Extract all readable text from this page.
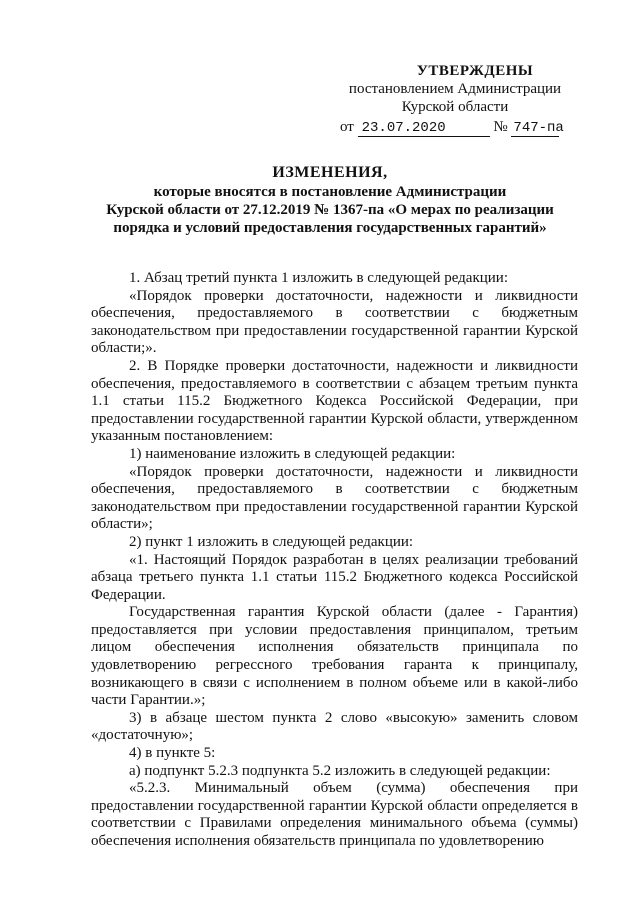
УТВЕРЖДЕНЫ
постановлением Администрации
Курской области
от 23.07.2020	№ 747-па
ИЗМЕНЕНИЯ,
которые вносятся в постановление Администрации
Курской области от 27.12.2019 № 1367-па «О мерах по реализации
порядка и условий предоставления государственных гарантий»

1. Абзац третий пункта 1 изложить в следующей редакции:

«Порядок проверки достаточности, надежности и ликвидности обеспечения, предоставляемого в соответствии с бюджетным законодательством при предоставлении государственной гарантии Курской области;».

2. В Порядке проверки достаточности, надежности и ликвидности обеспечения, предоставляемого в соответствии с абзацем третьим пункта 1.1 статьи 115.2 Бюджетного Кодекса Российской Федерации, при предоставлении государственной гарантии Курской области, утвержденном указанным постановлением:

1) наименование изложить в следующей редакции:

«Порядок проверки достаточности, надежности и ликвидности обеспечения, предоставляемого в соответствии с бюджетным законодательством при предоставлении государственной гарантии Курской области»;

2) пункт 1 изложить в следующей редакции:

«1. Настоящий Порядок разработан в целях реализации требований абзаца третьего пункта 1.1 статьи 115.2 Бюджетного кодекса Российской Федерации.

Государственная гарантия Курской области (далее - Гарантия) предоставляется при условии предоставления принципалом, третьим лицом обеспечения исполнения обязательств принципала по удовлетворению регрессного требования гаранта к принципалу, возникающего в связи с исполнением в полном объеме или в какой-либо части Гарантии.»;

3) в абзаце шестом пункта 2 слово «высокую» заменить словом «достаточную»;

4) в пункте 5:

а) подпункт 5.2.3 подпункта 5.2 изложить в следующей редакции:

«5.2.3. Минимальный объем (сумма) обеспечения при предоставлении государственной гарантии Курской области определяется в соответствии с Правилами определения минимального объема (суммы) обеспечения исполнения обязательств принципала по удовлетворению
